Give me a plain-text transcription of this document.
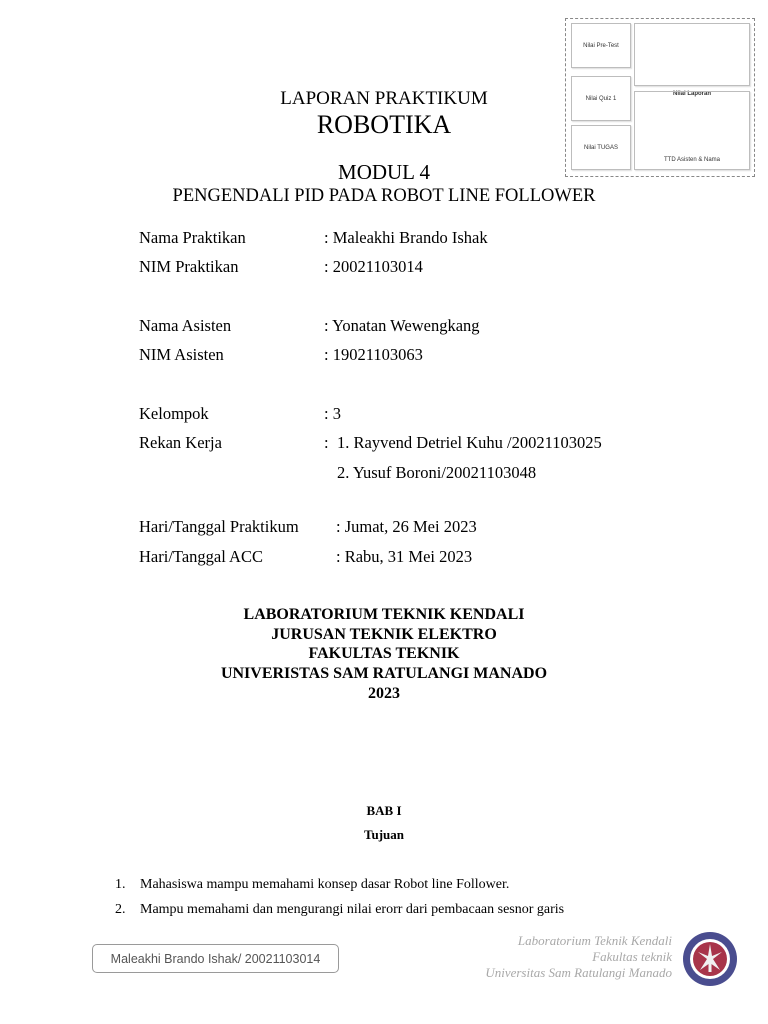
Nilai Pre-Test
Nilai Quiz 1
Nilai TUGAS
Nilai Laporan
TTD Asisten & Nama
LAPORAN PRAKTIKUM
ROBOTIKA
MODUL 4
PENGENDALI PID PADA ROBOT LINE FOLLOWER
Nama Praktikan	: Maleakhi Brando Ishak
NIM Praktikan	: 20021103014
Nama Asisten	: Yonatan Wewengkang
NIM Asisten	: 19021103063
Kelompok	: 3
Rekan Kerja	: 1. Rayvend Detriel Kuhu /20021103025
2. Yusuf Boroni/20021103048
Hari/Tanggal Praktikum : Jumat, 26 Mei 2023
Hari/Tanggal ACC	: Rabu, 31 Mei 2023
LABORATORIUM TEKNIK KENDALI
JURUSAN TEKNIK ELEKTRO
FAKULTAS TEKNIK
UNIVERISTAS SAM RATULANGI MANADO
2023
BAB I
Tujuan
1. Mahasiswa mampu memahami konsep dasar Robot line Follower.
2. Mampu memahami dan mengurangi nilai erorr dari pembacaan sesnor garis
Maleakhi Brando Ishak/ 20021103014
Laboratorium Teknik Kendali
Fakultas teknik
Universitas Sam Ratulangi Manado
